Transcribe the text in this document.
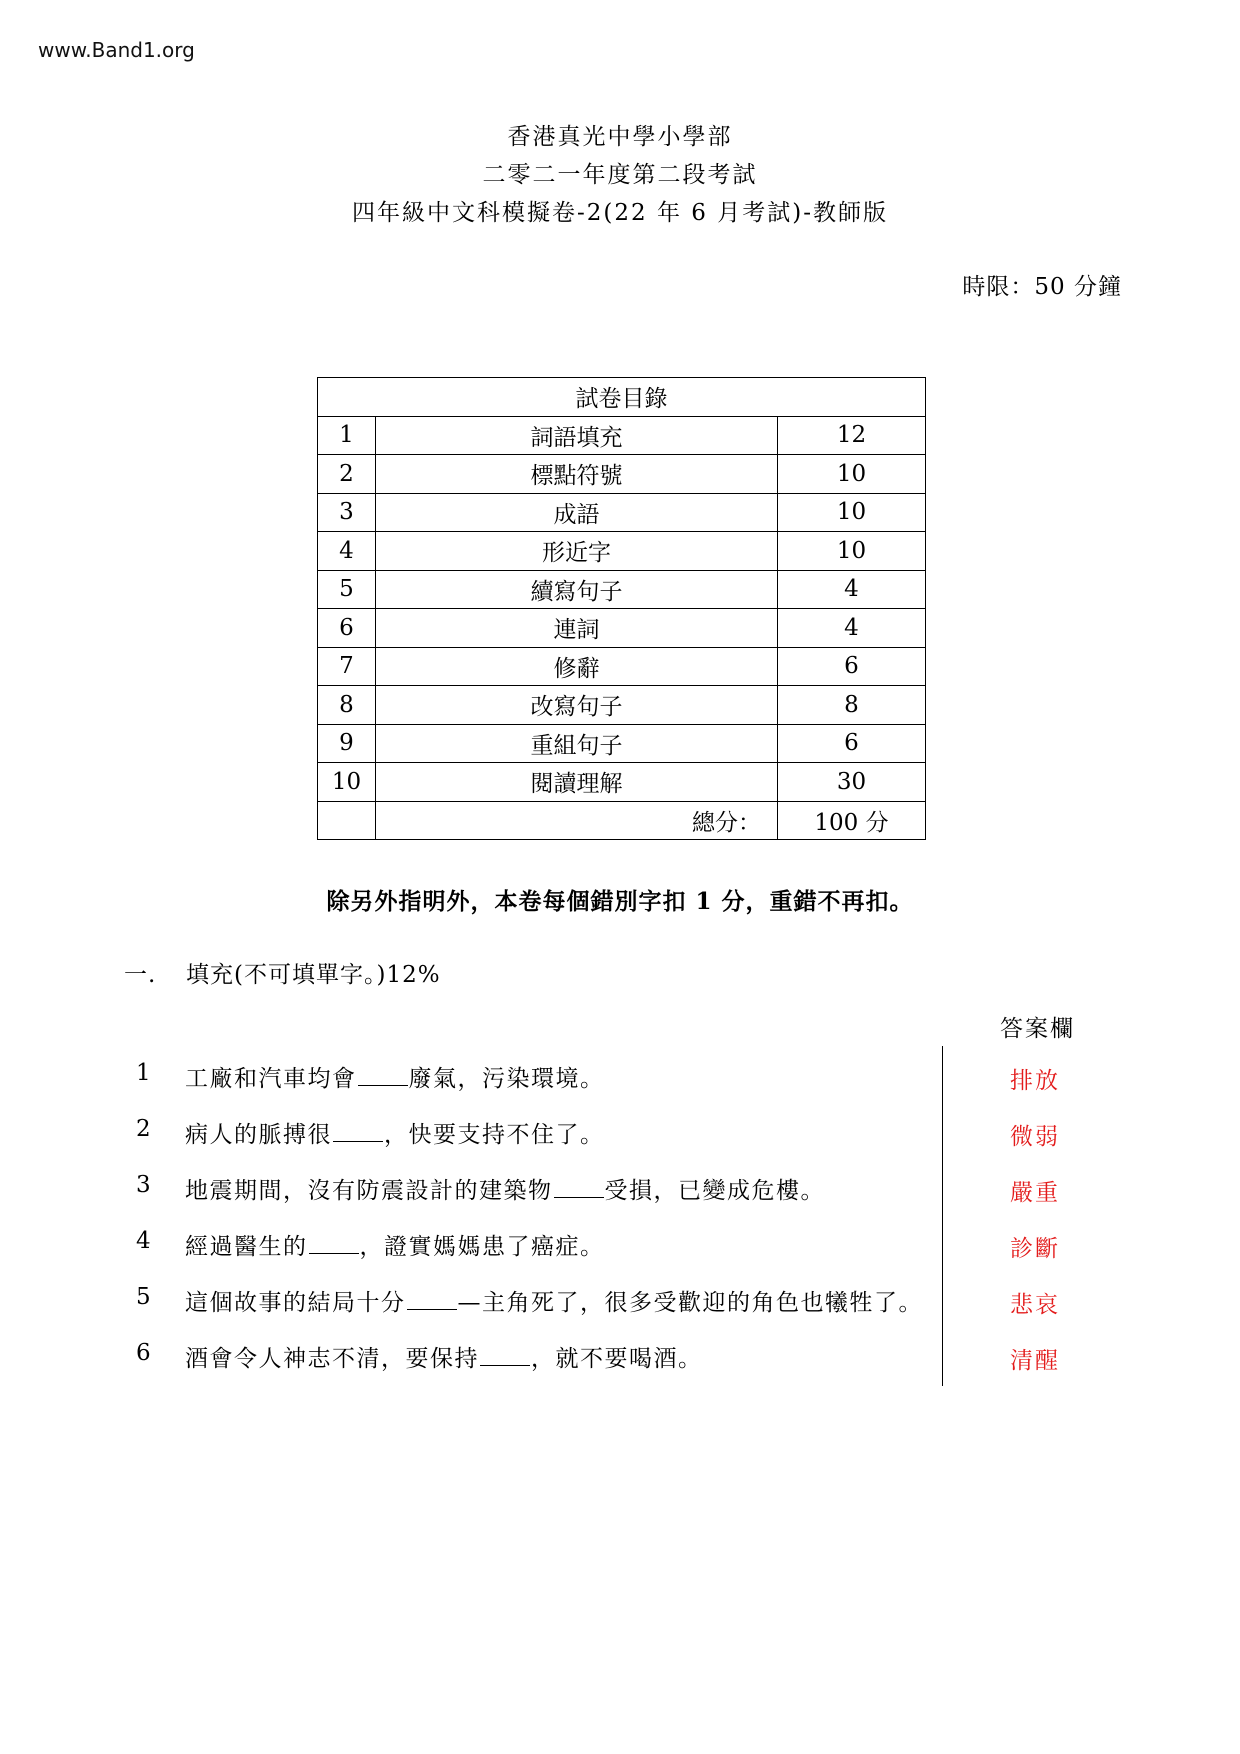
www.Band1.org
香港真光中學小學部
二零二一年度第二段考試
四年級中文科模擬卷-2(22 年 6 月考試)-教師版
時限：50 分鐘
試卷目錄		
1	詞語填充	12
2	標點符號	10
3	成語	10
4	形近字	10
5	續寫句子	4
6	連詞	4
7	修辭	6
8	改寫句子	8
9	重組句子	6
10	閱讀理解	30
	總分：	100 分
除另外指明外，本卷每個錯別字扣 1 分，重錯不再扣。
一. 填充(不可填單字。)12%
答案欄
1 工廠和汽車均會 廢氣，污染環境。	排放
2 病人的脈搏很 ，快要支持不住了。	微弱
3 地震期間，沒有防震設計的建築物 受損，已變成危樓。	嚴重
4 經過醫生的 ，證實媽媽患了癌症。	診斷
5 這個故事的結局十分 —主角死了，很多受歡迎的角色也犧牲了。	悲哀
6 酒會令人神志不清，要保持 ，就不要喝酒。	清醒
